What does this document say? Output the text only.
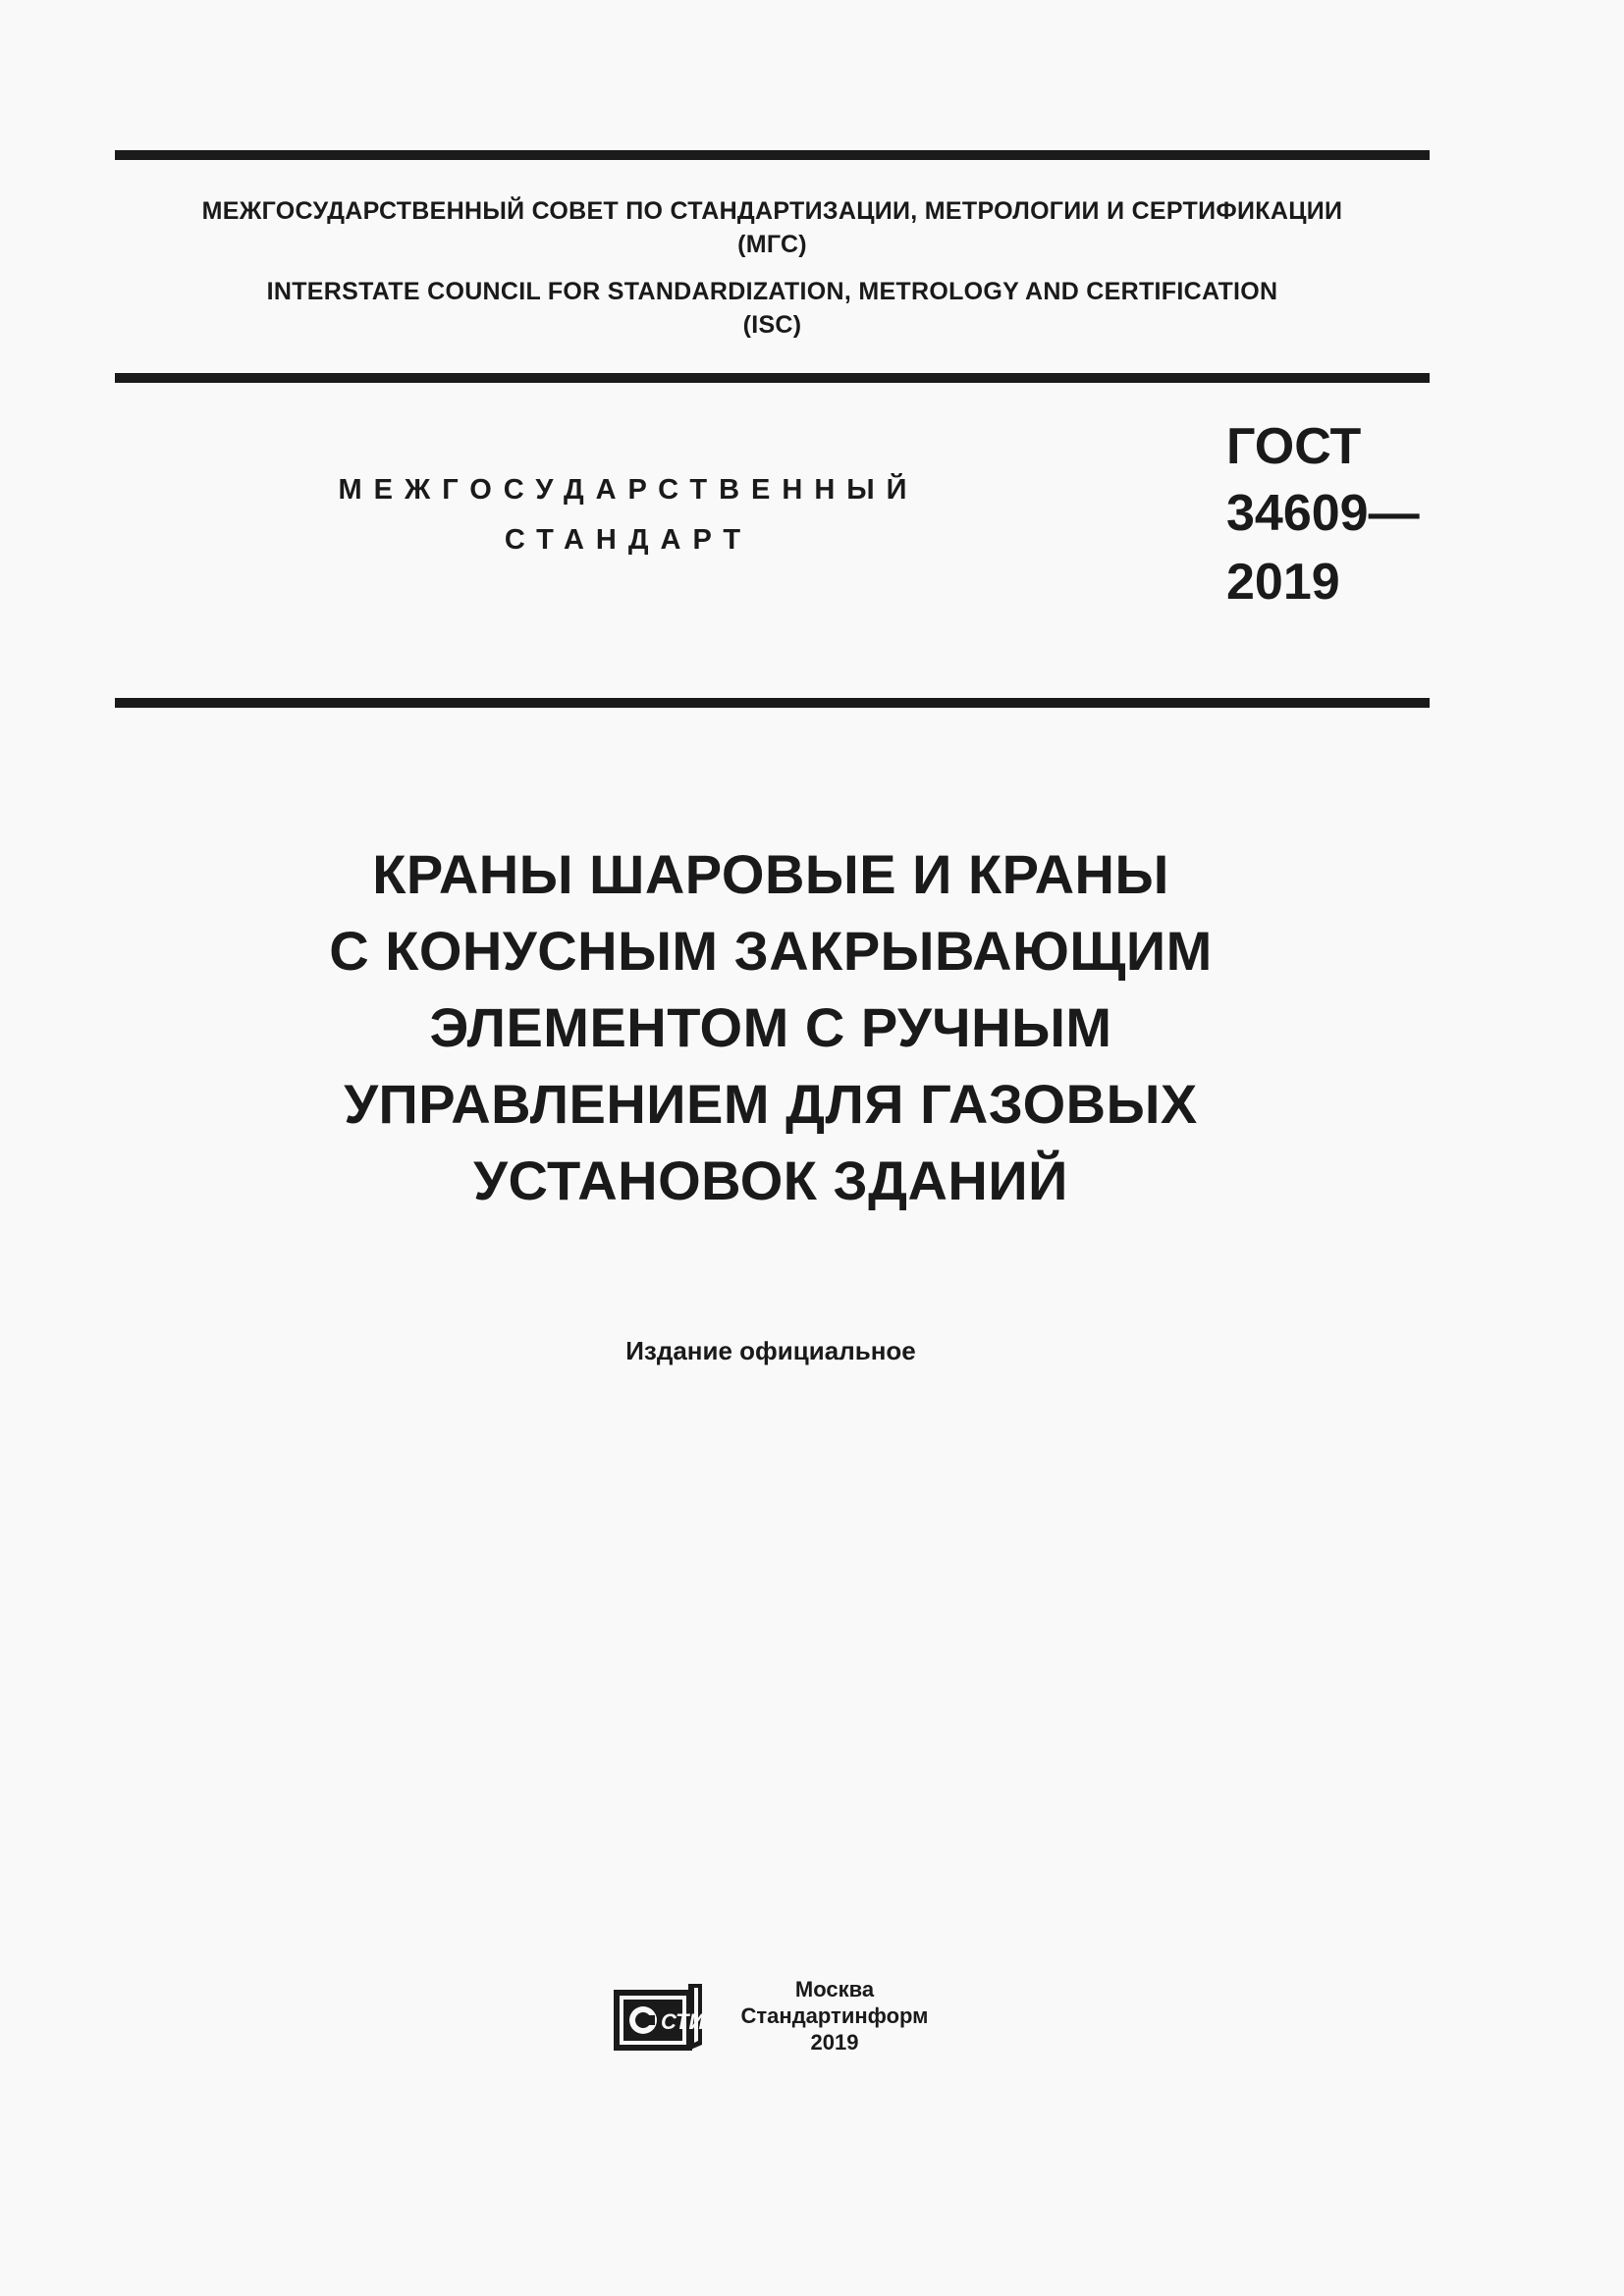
МЕЖГОСУДАРСТВЕННЫЙ СОВЕТ ПО СТАНДАРТИЗАЦИИ, МЕТРОЛОГИИ И СЕРТИФИКАЦИИ
(МГС)
INTERSTATE COUNCIL FOR STANDARDIZATION, METROLOGY AND CERTIFICATION
(ISC)
МЕЖГОСУДАРСТВЕННЫЙ
СТАНДАРТ
ГОСТ
34609—
2019
КРАНЫ ШАРОВЫЕ И КРАНЫ
С КОНУСНЫМ ЗАКРЫВАЮЩИМ
ЭЛЕМЕНТОМ С РУЧНЫМ
УПРАВЛЕНИЕМ ДЛЯ ГАЗОВЫХ
УСТАНОВОК ЗДАНИЙ
Издание официальное
СТИ
Москва
Стандартинформ
2019
